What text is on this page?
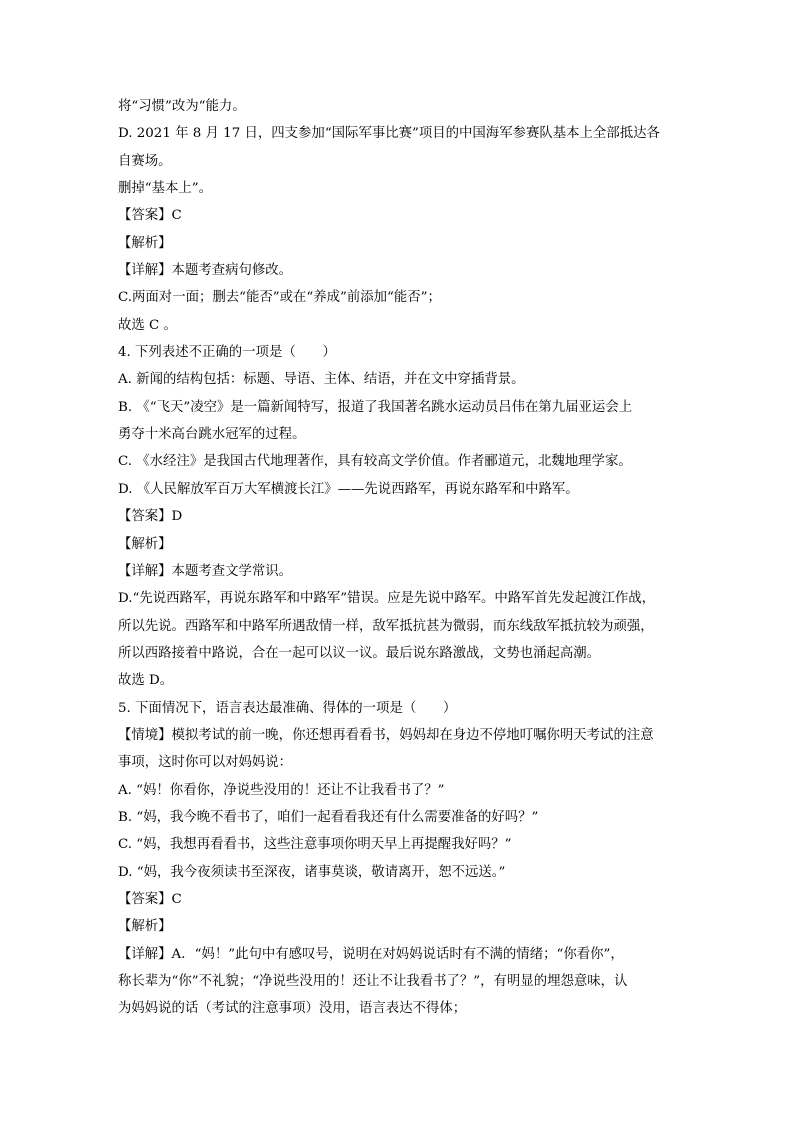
将“习惯”改为“能力。
D. 2021 年 8 月 17 日，四支参加“国际军事比赛”项目的中国海军参赛队基本上全部抵达各
自赛场。
删掉“基本上”。
【答案】C
【解析】
【详解】本题考查病句修改。
C.两面对一面；删去“能否”或在“养成”前添加“能否”；
故选 C 。
4. 下列表述不正确的一项是（　　）
A. 新闻的结构包括：标题、导语、主体、结语，并在文中穿插背景。
B. 《“飞天”凌空》是一篇新闻特写，报道了我国著名跳水运动员吕伟在第九届亚运会上
勇夺十米高台跳水冠军的过程。
C. 《水经注》是我国古代地理著作，具有较高文学价值。作者郦道元，北魏地理学家。
D. 《人民解放军百万大军横渡长江》——先说西路军，再说东路军和中路军。
【答案】D
【解析】
【详解】本题考查文学常识。
D.“先说西路军，再说东路军和中路军”错误。应是先说中路军。中路军首先发起渡江作战，
所以先说。西路军和中路军所遇敌情一样，敌军抵抗甚为微弱，而东线敌军抵抗较为顽强，
所以西路接着中路说，合在一起可以议一议。最后说东路激战，文势也涌起高潮。
故选 D。
5. 下面情况下，语言表达最准确、得体的一项是（　　）
【情境】模拟考试的前一晚，你还想再看看书，妈妈却在身边不停地叮嘱你明天考试的注意
事项，这时你可以对妈妈说：
A. “妈！你看你，净说些没用的！还让不让我看书了？”
B. “妈，我今晚不看书了，咱们一起看看我还有什么需要准备的好吗？”
C. “妈，我想再看看书，这些注意事项你明天早上再提醒我好吗？”
D. “妈，我今夜须读书至深夜，诸事莫谈，敬请离开，恕不远送。”
【答案】C
【解析】
【详解】A．“妈！”此句中有感叹号，说明在对妈妈说话时有不满的情绪；“你看你”，
称长辈为“你”不礼貌；“净说些没用的！还让不让我看书了？”，有明显的埋怨意味，认
为妈妈说的话（考试的注意事项）没用，语言表达不得体；
